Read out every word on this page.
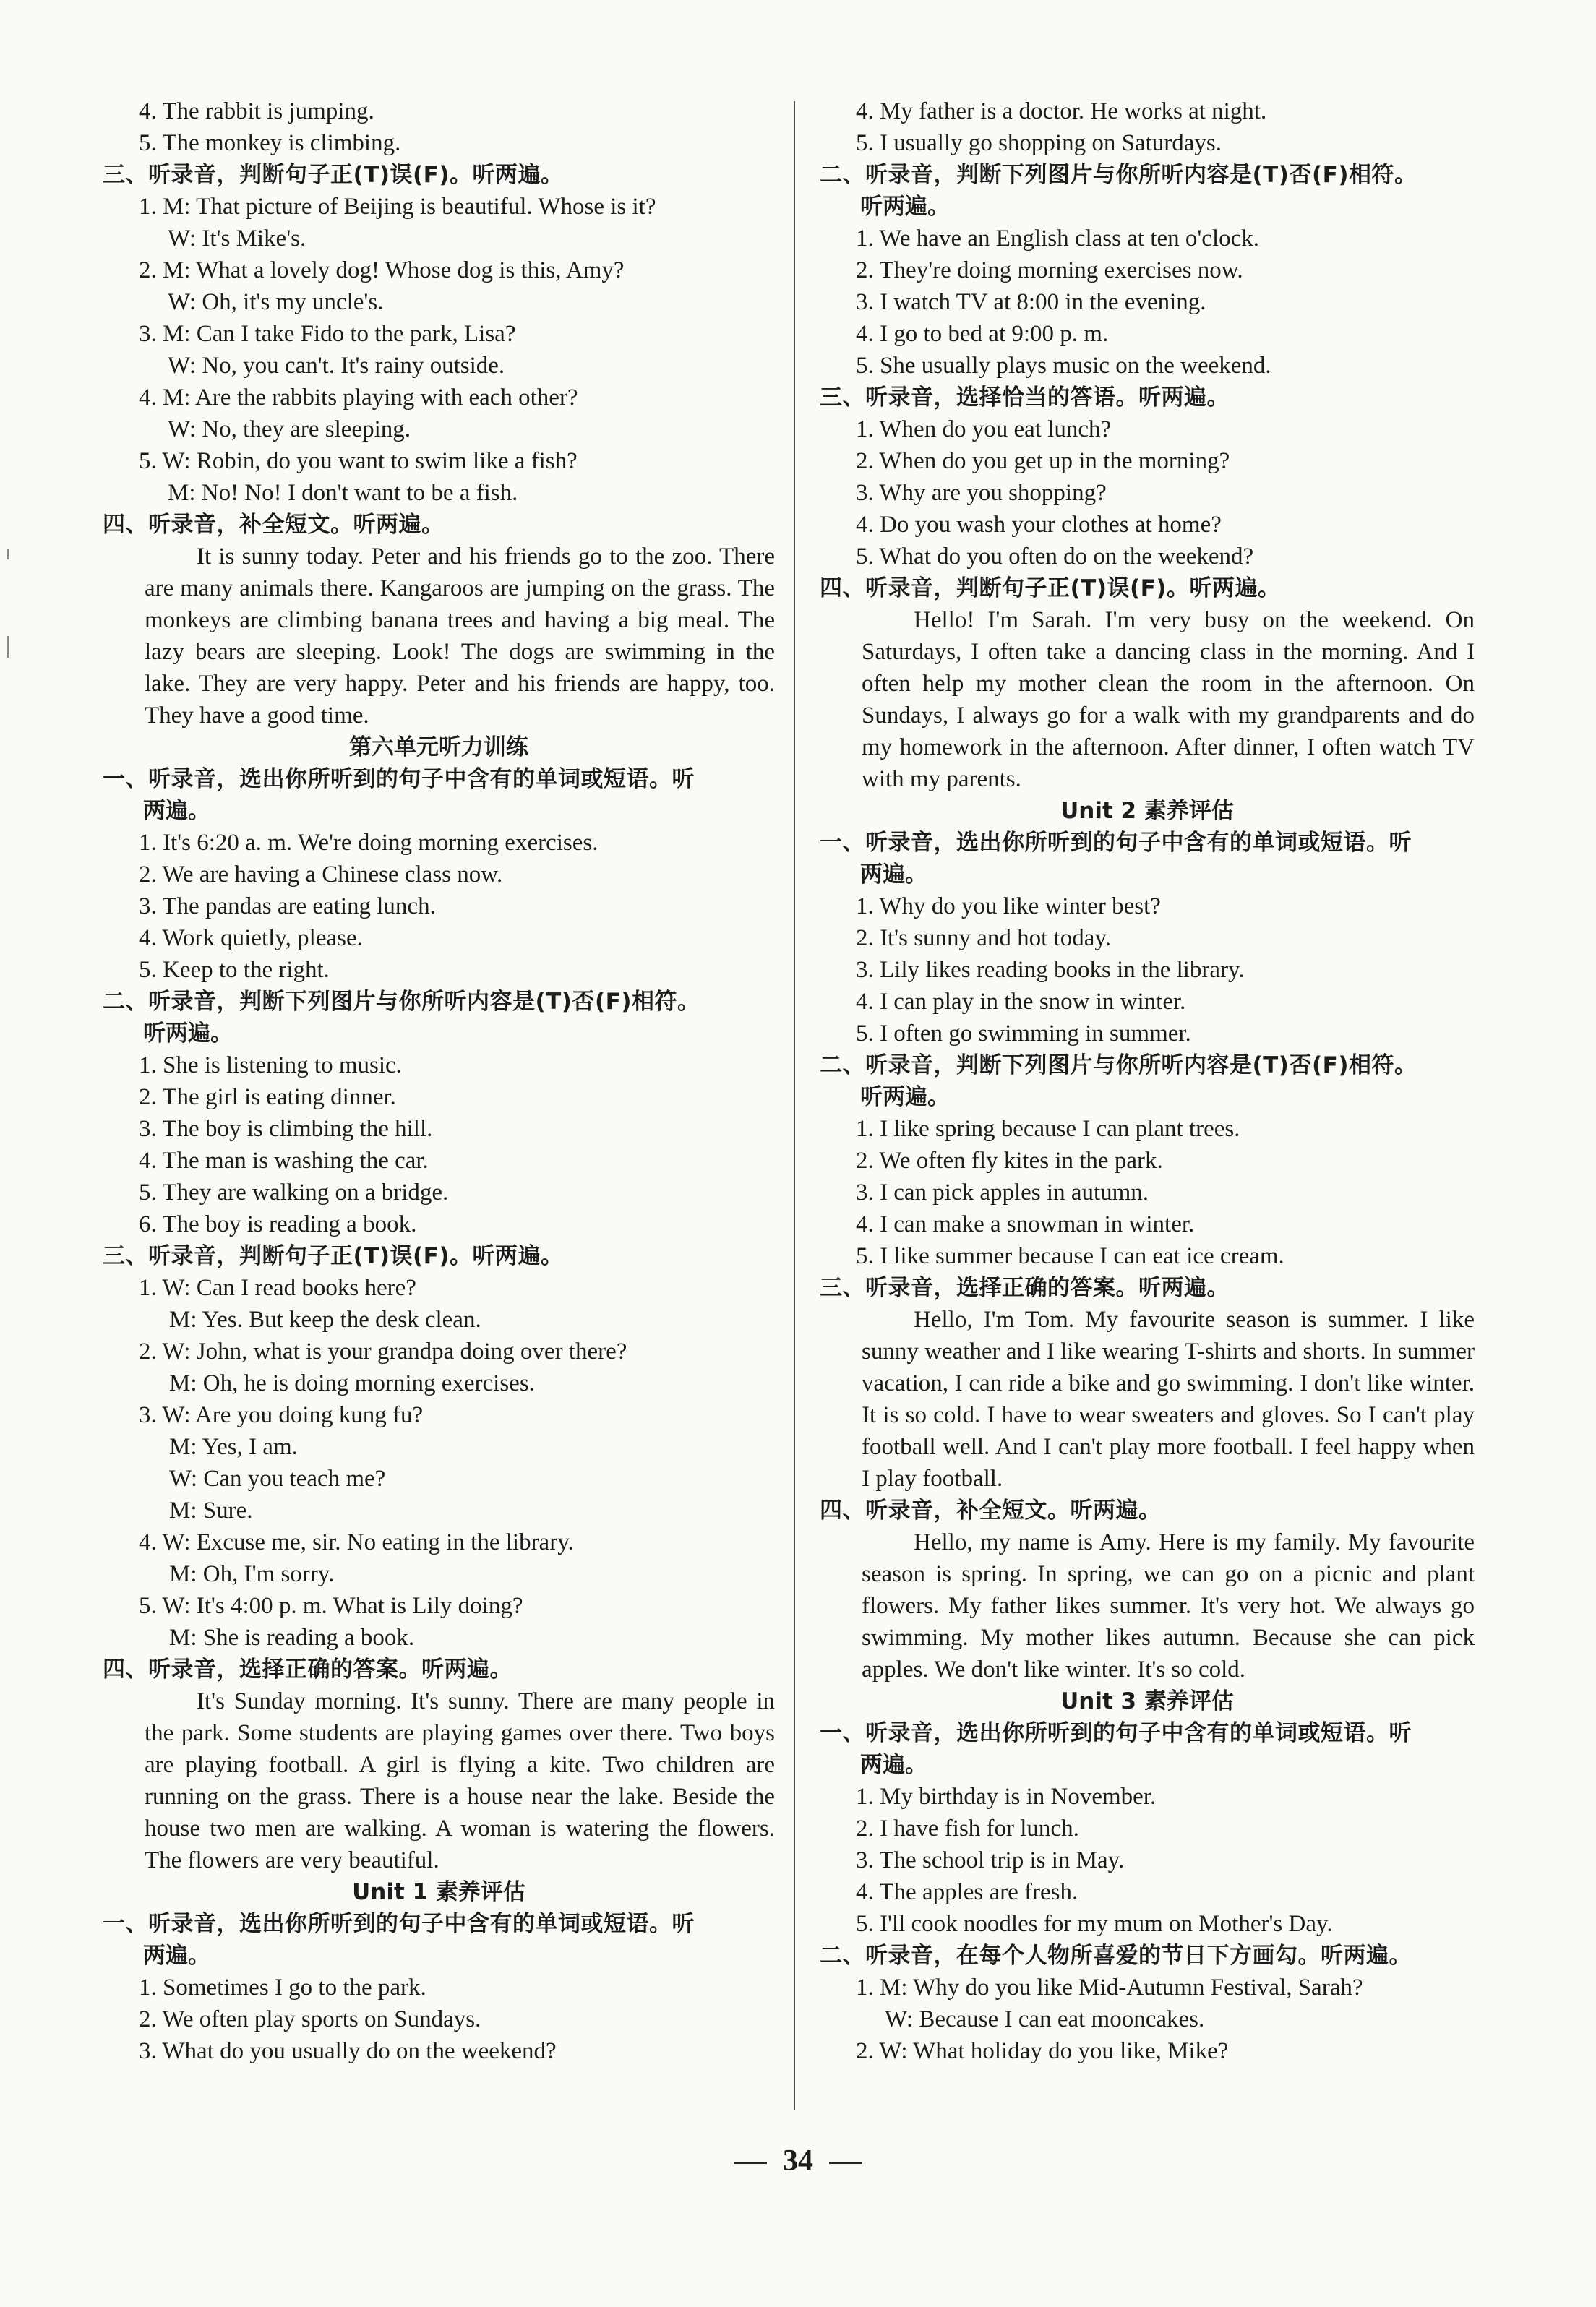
4. The rabbit is jumping.
5. The monkey is climbing.
三、听录音，判断句子正(T)误(F)。听两遍。
1. M: That picture of Beijing is beautiful. Whose is it?
W: It's Mike's.
2. M: What a lovely dog! Whose dog is this, Amy?
W: Oh, it's my uncle's.
3. M: Can I take Fido to the park, Lisa?
W: No, you can't. It's rainy outside.
4. M: Are the rabbits playing with each other?
W: No, they are sleeping.
5. W: Robin, do you want to swim like a fish?
M: No! No! I don't want to be a fish.
四、听录音，补全短文。听两遍。

It is sunny today. Peter and his friends go to the zoo. There are many animals there. Kangaroos are jumping on the grass. The monkeys are climbing banana trees and having a big meal. The lazy bears are sleeping. Look! The dogs are swimming in the lake. They are very happy. Peter and his friends are happy, too. They have a good time.

第六单元听力训练
一、听录音，选出你所听到的句子中含有的单词或短语。听
两遍。
1. It's 6:20 a. m. We're doing morning exercises.
2. We are having a Chinese class now.
3. The pandas are eating lunch.
4. Work quietly, please.
5. Keep to the right.
二、听录音，判断下列图片与你所听内容是(T)否(F)相符。
听两遍。
1. She is listening to music.
2. The girl is eating dinner.
3. The boy is climbing the hill.
4. The man is washing the car.
5. They are walking on a bridge.
6. The boy is reading a book.
三、听录音，判断句子正(T)误(F)。听两遍。
1. W: Can I read books here?
M: Yes. But keep the desk clean.
2. W: John, what is your grandpa doing over there?
M: Oh, he is doing morning exercises.
3. W: Are you doing kung fu?
M: Yes, I am.
W: Can you teach me?
M: Sure.
4. W: Excuse me, sir. No eating in the library.
M: Oh, I'm sorry.
5. W: It's 4:00 p. m. What is Lily doing?
M: She is reading a book.
四、听录音，选择正确的答案。听两遍。

It's Sunday morning. It's sunny. There are many people in the park. Some students are playing games over there. Two boys are playing football. A girl is flying a kite. Two children are running on the grass. There is a house near the lake. Beside the house two men are walking. A woman is watering the flowers. The flowers are very beautiful.

Unit 1 素养评估
一、听录音，选出你所听到的句子中含有的单词或短语。听
两遍。
1. Sometimes I go to the park.
2. We often play sports on Sundays.
3. What do you usually do on the weekend?
4. My father is a doctor. He works at night.
5. I usually go shopping on Saturdays.
二、听录音，判断下列图片与你所听内容是(T)否(F)相符。
听两遍。
1. We have an English class at ten o'clock.
2. They're doing morning exercises now.
3. I watch TV at 8:00 in the evening.
4. I go to bed at 9:00 p. m.
5. She usually plays music on the weekend.
三、听录音，选择恰当的答语。听两遍。
1. When do you eat lunch?
2. When do you get up in the morning?
3. Why are you shopping?
4. Do you wash your clothes at home?
5. What do you often do on the weekend?
四、听录音，判断句子正(T)误(F)。听两遍。

Hello! I'm Sarah. I'm very busy on the weekend. On Saturdays, I often take a dancing class in the morning. And I often help my mother clean the room in the afternoon. On Sundays, I always go for a walk with my grandparents and do my homework in the afternoon. After dinner, I often watch TV with my parents.

Unit 2 素养评估
一、听录音，选出你所听到的句子中含有的单词或短语。听
两遍。
1. Why do you like winter best?
2. It's sunny and hot today.
3. Lily likes reading books in the library.
4. I can play in the snow in winter.
5. I often go swimming in summer.
二、听录音，判断下列图片与你所听内容是(T)否(F)相符。
听两遍。
1. I like spring because I can plant trees.
2. We often fly kites in the park.
3. I can pick apples in autumn.
4. I can make a snowman in winter.
5. I like summer because I can eat ice cream.
三、听录音，选择正确的答案。听两遍。

Hello, I'm Tom. My favourite season is summer. I like sunny weather and I like wearing T-shirts and shorts. In summer vacation, I can ride a bike and go swimming. I don't like winter. It is so cold. I have to wear sweaters and gloves. So I can't play football well. And I can't play more football. I feel happy when I play football.

四、听录音，补全短文。听两遍。

Hello, my name is Amy. Here is my family. My favourite season is spring. In spring, we can go on a picnic and plant flowers. My father likes summer. It's very hot. We always go swimming. My mother likes autumn. Because she can pick apples. We don't like winter. It's so cold.

Unit 3 素养评估
一、听录音，选出你所听到的句子中含有的单词或短语。听
两遍。
1. My birthday is in November.
2. I have fish for lunch.
3. The school trip is in May.
4. The apples are fresh.
5. I'll cook noodles for my mum on Mother's Day.
二、听录音，在每个人物所喜爱的节日下方画勾。听两遍。
1. M: Why do you like Mid-Autumn Festival, Sarah?
W: Because I can eat mooncakes.
2. W: What holiday do you like, Mike?
34
